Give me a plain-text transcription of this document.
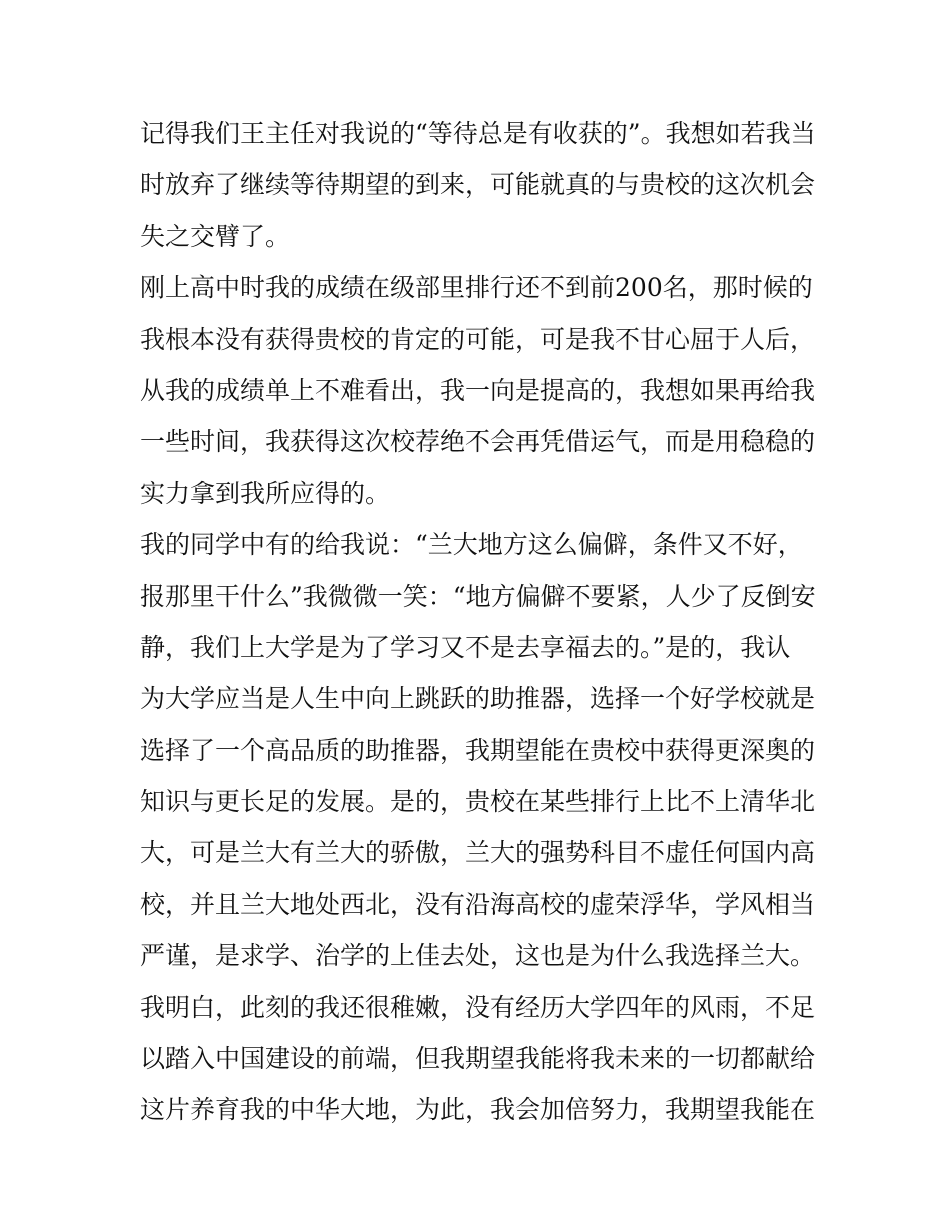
记得我们王主任对我说的“等待总是有收获的”。我想如若我当
时放弃了继续等待期望的到来，可能就真的与贵校的这次机会
失之交臂了。
刚上高中时我的成绩在级部里排行还不到前200名，那时候的
我根本没有获得贵校的肯定的可能，可是我不甘心屈于人后，
从我的成绩单上不难看出，我一向是提高的，我想如果再给我
一些时间，我获得这次校荐绝不会再凭借运气，而是用稳稳的
实力拿到我所应得的。
我的同学中有的给我说：“兰大地方这么偏僻，条件又不好，
报那里干什么”我微微一笑：“地方偏僻不要紧，人少了反倒安
静，我们上大学是为了学习又不是去享福去的。”是的，我认
为大学应当是人生中向上跳跃的助推器，选择一个好学校就是
选择了一个高品质的助推器，我期望能在贵校中获得更深奥的
知识与更长足的发展。是的，贵校在某些排行上比不上清华北
大，可是兰大有兰大的骄傲，兰大的强势科目不虚任何国内高
校，并且兰大地处西北，没有沿海高校的虚荣浮华，学风相当
严谨，是求学、治学的上佳去处，这也是为什么我选择兰大。
我明白，此刻的我还很稚嫩，没有经历大学四年的风雨，不足
以踏入中国建设的前端，但我期望我能将我未来的一切都献给
这片养育我的中华大地，为此，我会加倍努力，我期望我能在
